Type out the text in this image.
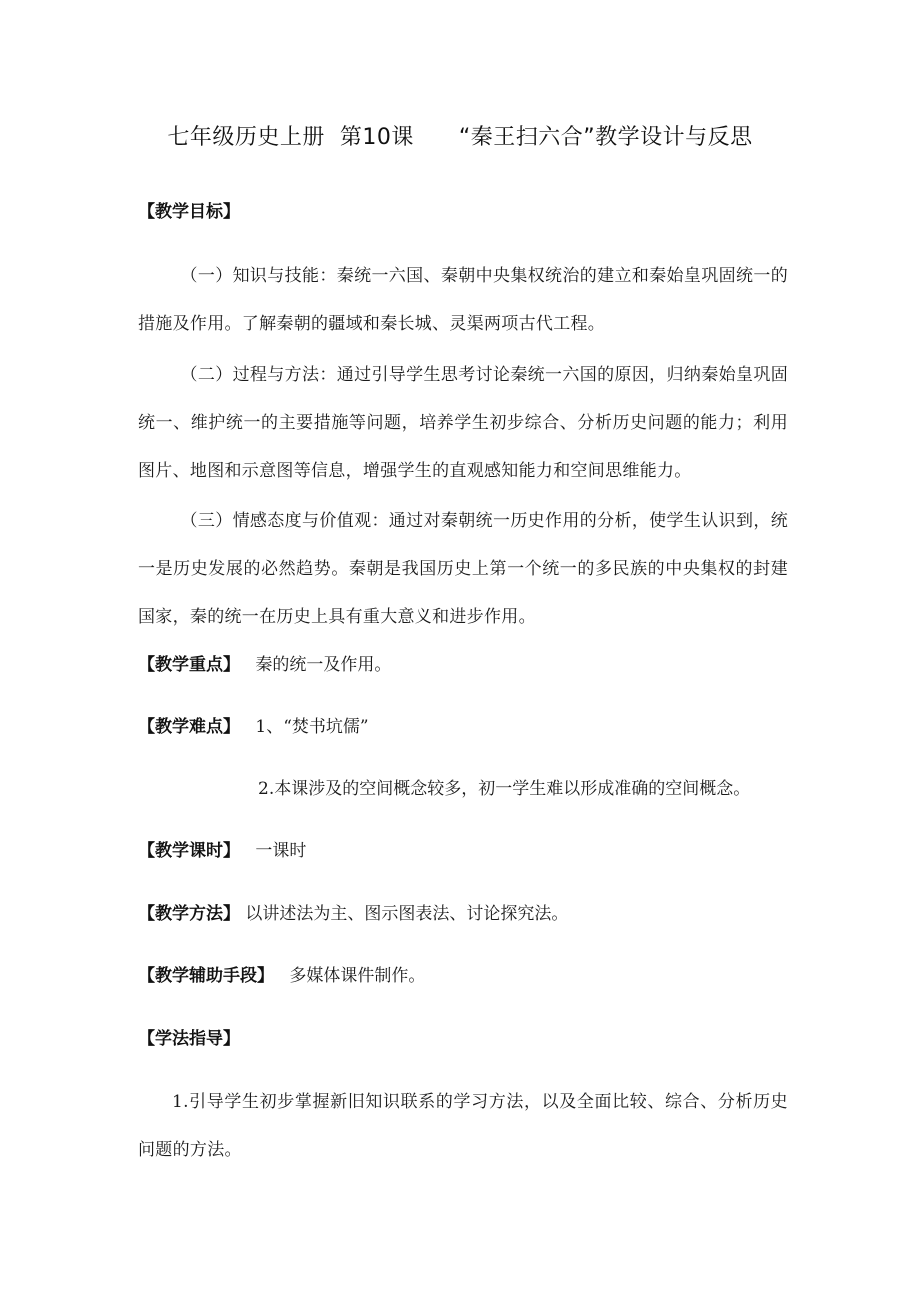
七年级历史上册  第10课      “秦王扫六合”教学设计与反思
【教学目标】
（一）知识与技能：秦统一六国、秦朝中央集权统治的建立和秦始皇巩固统一的措施及作用。了解秦朝的疆域和秦长城、灵渠两项古代工程。
（二）过程与方法：通过引导学生思考讨论秦统一六国的原因，归纳秦始皇巩固统一、维护统一的主要措施等问题，培养学生初步综合、分析历史问题的能力；利用图片、地图和示意图等信息，增强学生的直观感知能力和空间思维能力。
（三）情感态度与价值观：通过对秦朝统一历史作用的分析，使学生认识到，统一是历史发展的必然趋势。秦朝是我国历史上第一个统一的多民族的中央集权的封建国家，秦的统一在历史上具有重大意义和进步作用。
【教学重点】 秦的统一及作用。
【教学难点】 1、“焚书坑儒”
2.本课涉及的空间概念较多，初一学生难以形成准确的空间概念。
【教学课时】 一课时
【教学方法】 以讲述法为主、图示图表法、讨论探究法。
【教学辅助手段】 多媒体课件制作。
【学法指导】
1.引导学生初步掌握新旧知识联系的学习方法，以及全面比较、综合、分析历史问题的方法。
